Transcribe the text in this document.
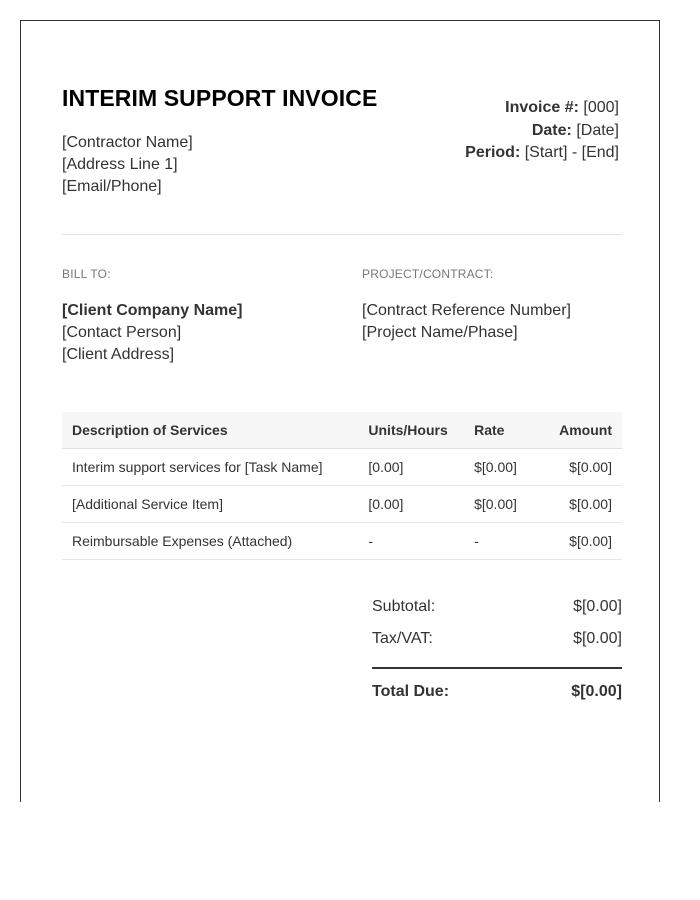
INTERIM SUPPORT INVOICE
[Contractor Name]
[Address Line 1]
[Email/Phone]
Invoice #: [000]
Date: [Date]
Period: [Start] - [End]
BILL TO:	PROJECT/CONTRACT:
[Client Company Name]
[Contact Person]
[Client Address]
[Contract Reference Number]
[Project Name/Phase]
Description of Services	Units/Hours	Rate	Amount
Interim support services for [Task Name]	[0.00]	$[0.00]	$[0.00]
[Additional Service Item]	[0.00]	$[0.00]	$[0.00]
Reimbursable Expenses (Attached)	-	-	$[0.00]
Subtotal:	$[0.00]
Tax/VAT:	$[0.00]
Total Due:	$[0.00]
